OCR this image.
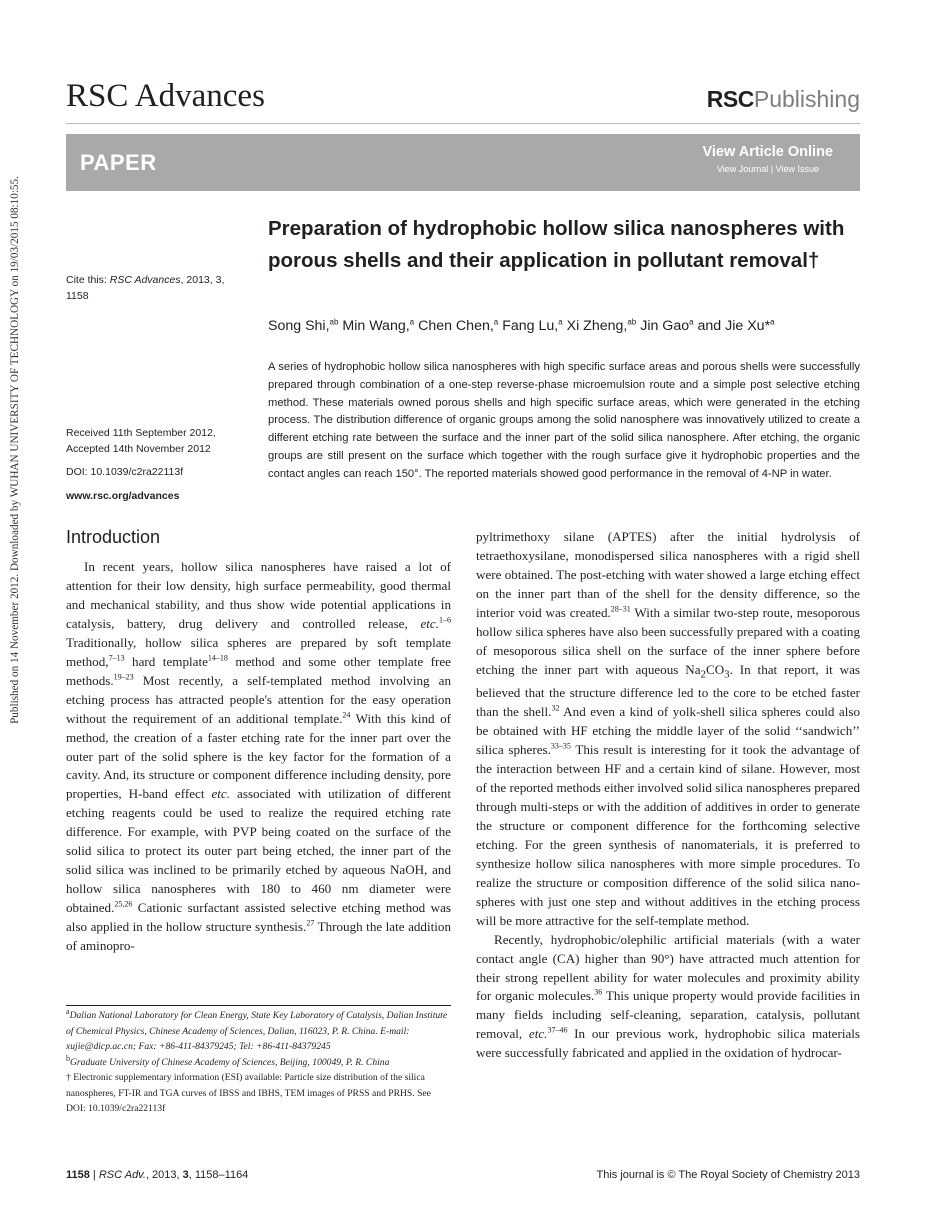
Published on 14 November 2012. Downloaded by WUHAN UNIVERSITY OF TECHNOLOGY on 19/03/2015 08:10:55.
RSC Advances	RSCPublishing
PAPER	View Article Online
View Journal | View Issue
Cite this: RSC Advances, 2013, 3,
1158
Received 11th September 2012,
Accepted 14th November 2012
DOI: 10.1039/c2ra22113f
www.rsc.org/advances
Preparation of hydrophobic hollow silica nanospheres with porous shells and their application in pollutant removal†
Song Shi,$^{ab}$ Min Wang,$^a$ Chen Chen,$^a$ Fang Lu,$^a$ Xi Zheng,$^{ab}$ Jin Gao$^a$ and Jie Xu*$^a$
A series of hydrophobic hollow silica nanospheres with high specific surface areas and porous shells were successfully prepared through combination of a one-step reverse-phase microemulsion route and a simple post selective etching method. These materials owned porous shells and high specific surface areas, which were generated in the etching process. The distribution difference of organic groups among the solid nanosphere was innovatively utilized to create a different etching rate between the surface and the inner part of the solid silica nanosphere. After etching, the organic groups are still present on the surface which together with the rough surface give it hydrophobic properties and the contact angles can reach 150°. The reported materials showed good performance in the removal of 4-NP in water.
Introduction

In recent years, hollow silica nanospheres have raised a lot of attention for their low density, high surface permeability, good thermal and mechanical stability, and thus show wide potential applications in catalysis, battery, drug delivery and controlled release, etc.$^{1-6}$ Traditionally, hollow silica spheres are prepared by soft template method,$^{7-13}$ hard template$^{14-18}$ method and some other template free methods.$^{19-23}$ Most recently, a self-templated method involving an etching process has attracted people's attention for the easy operation without the requirement of an additional template.$^{24}$ With this kind of method, the creation of a faster etching rate for the inner part over the outer part of the solid sphere is the key factor for the formation of a cavity. And, its structure or component difference including density, pore properties, H-band effect etc. associated with utilization of different etching reagents could be used to realize the required etching rate difference. For example, with PVP being coated on the surface of the solid silica to protect its outer part being etched, the inner part of the solid silica was inclined to be primarily etched by aqueous NaOH, and hollow silica nanospheres with 180 to 460 nm diameter were obtained.$^{25,26}$ Cationic surfactant assisted selective etching method was also applied in the hollow structure synthesis.$^{27}$ Through the late addition of aminopro-

$^a$Dalian National Laboratory for Clean Energy, State Key Laboratory of Catalysis, Dalian Institute of Chemical Physics, Chinese Academy of Sciences, Dalian, 116023, P. R. China. E-mail: xujie@dicp.ac.cn; Fax: +86-411-84379245; Tel: +86-411-84379245

$^b$Graduate University of Chinese Academy of Sciences, Beijing, 100049, P. R. China

† Electronic supplementary information (ESI) available: Particle size distribution of the silica nanospheres, FT-IR and TGA curves of IBSS and IBHS, TEM images of PRSS and PRHS. See DOI: 10.1039/c2ra22113f

pyltrimethoxy silane (APTES) after the initial hydrolysis of tetraethoxysilane, monodispersed silica nanospheres with a rigid shell were obtained. The post-etching with water showed a large etching effect on the inner part than of the shell for the density difference, so the interior void was created.$^{28-31}$ With a similar two-step route, mesoporous hollow silica spheres have also been successfully prepared with a coating of mesoporous silica shell on the surface of the inner sphere before etching the inner part with aqueous $Na_2CO_3$. In that report, it was believed that the structure difference led to the core to be etched faster than the shell.$^{32}$ And even a kind of yolk-shell silica spheres could also be obtained with HF etching the middle layer of the solid ‘‘sandwich’’ silica spheres.$^{33-35}$ This result is interesting for it took the advantage of the interaction between HF and a certain kind of silane. However, most of the reported methods either involved solid silica nanospheres prepared through multi-steps or with the addition of additives in order to generate the structure or component difference for the forthcoming selective etching. For the green synthesis of nanomaterials, it is preferred to synthesize hollow silica nanospheres with more simple procedures. To realize the structure or composition difference of the solid silica nano-spheres with just one step and without additives in the etching process will be more attractive for the self-template method.

Recently, hydrophobic/olephilic artificial materials (with a water contact angle (CA) higher than 90°) have attracted much attention for their strong repellent ability for water molecules and proximity ability for organic molecules.$^{36}$ This unique property would provide facilities in many fields including self-cleaning, separation, catalysis, pollutant removal, etc.$^{37-46}$ In our previous work, hydrophobic silica materials were successfully fabricated and applied in the oxidation of hydrocar-

1158 | RSC Adv., 2013, 3, 1158–1164	This journal is © The Royal Society of Chemistry 2013
